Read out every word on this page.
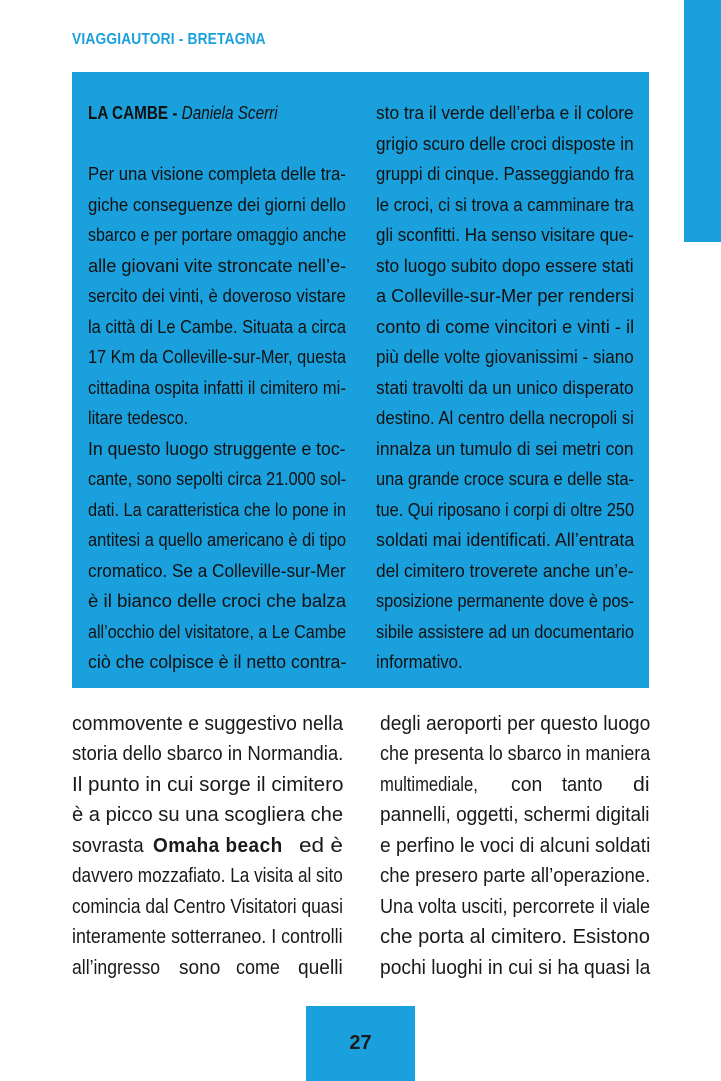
VIAGGIAUTORI - BRETAGNA
LA CAMBE - Daniela Scerri
Per una visione completa delle tra-
giche conseguenze dei giorni dello
sbarco e per portare omaggio anche
alle giovani vite stroncate nell’e-
sercito dei vinti, è doveroso vistare
la città di Le Cambe. Situata a circa
17 Km da Colleville-sur-Mer, questa
cittadina ospita infatti il cimitero mi-
litare tedesco.
In questo luogo struggente e toc-
cante, sono sepolti circa 21.000 sol-
dati. La caratteristica che lo pone in
antitesi a quello americano è di tipo
cromatico. Se a Colleville-sur-Mer
è il bianco delle croci che balza
all’occhio del visitatore, a Le Cambe
ciò che colpisce è il netto contra-
sto tra il verde dell’erba e il colore
grigio scuro delle croci disposte in
gruppi di cinque. Passeggiando fra
le croci, ci si trova a camminare tra
gli sconfitti. Ha senso visitare que-
sto luogo subito dopo essere stati
a Colleville-sur-Mer per rendersi
conto di come vincitori e vinti - il
più delle volte giovanissimi - siano
stati travolti da un unico disperato
destino. Al centro della necropoli si
innalza un tumulo di sei metri con
una grande croce scura e delle sta-
tue. Qui riposano i corpi di oltre 250
soldati mai identificati. All’entrata
del cimitero troverete anche un’e-
sposizione permanente dove è pos-
sibile assistere ad un documentario
informativo.
commovente e suggestivo nella
storia dello sbarco in Normandia.
Il punto in cui sorge il cimitero
è a picco su una scogliera che
sovrasta Omaha beach ed è
davvero mozzafiato. La visita al sito
comincia dal Centro Visitatori quasi
interamente sotterraneo. I controlli
all’ingresso sono come quelli
degli aeroporti per questo luogo
che presenta lo sbarco in maniera
multimediale, con tanto di
pannelli, oggetti, schermi digitali
e perfino le voci di alcuni soldati
che presero parte all’operazione.
Una volta usciti, percorrete il viale
che porta al cimitero. Esistono
pochi luoghi in cui si ha quasi la
27
